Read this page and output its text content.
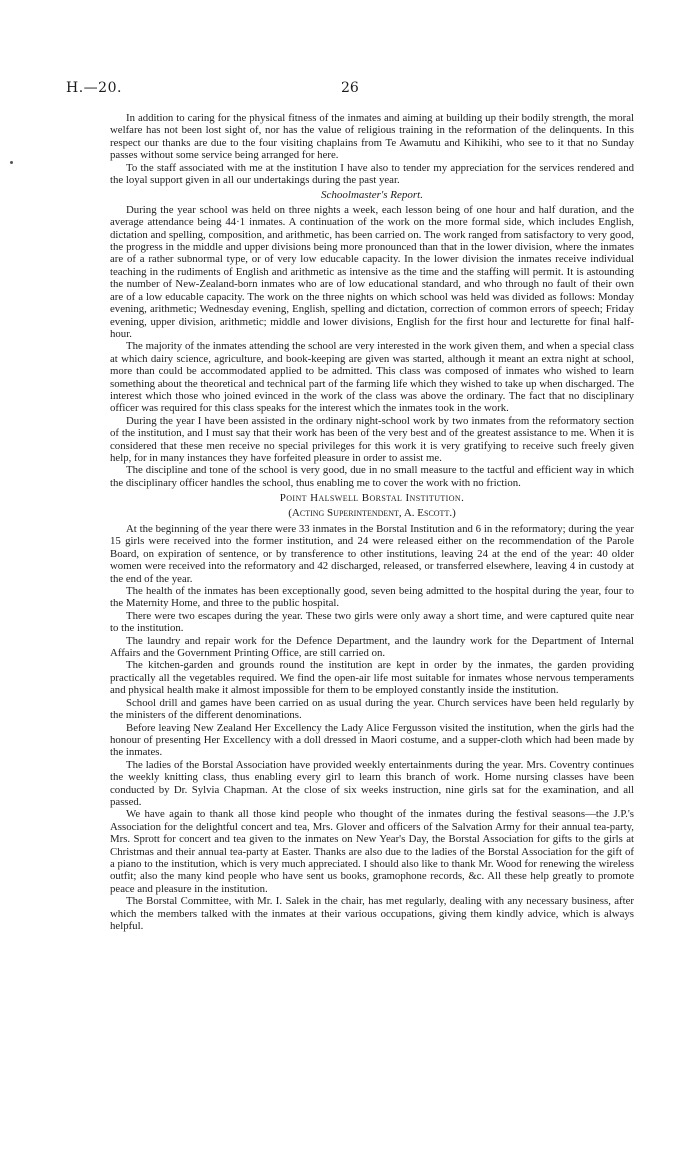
H.—20.	26

In addition to caring for the physical fitness of the inmates and aiming at building up their bodily strength, the moral welfare has not been lost sight of, nor has the value of religious training in the reformation of the delinquents. In this respect our thanks are due to the four visiting chaplains from Te Awamutu and Kihikihi, who see to it that no Sunday passes without some service being arranged for here.

To the staff associated with me at the institution I have also to tender my appreciation for the services rendered and the loyal support given in all our undertakings during the past year.

Schoolmaster's Report.

During the year school was held on three nights a week, each lesson being of one hour and half duration, and the average attendance being 44·1 inmates. A continuation of the work on the more formal side, which includes English, dictation and spelling, composition, and arithmetic, has been carried on. The work ranged from satisfactory to very good, the progress in the middle and upper divisions being more pronounced than that in the lower division, where the inmates are of a rather subnormal type, or of very low educable capacity. In the lower division the inmates receive individual teaching in the rudiments of English and arithmetic as intensive as the time and the staffing will permit. It is astounding the number of New-Zealand-born inmates who are of low educational standard, and who through no fault of their own are of a low educable capacity. The work on the three nights on which school was held was divided as follows: Monday evening, arithmetic; Wednesday evening, English, spelling and dictation, correction of common errors of speech; Friday evening, upper division, arithmetic; middle and lower divisions, English for the first hour and lecturette for final half-hour.

The majority of the inmates attending the school are very interested in the work given them, and when a special class at which dairy science, agriculture, and book-keeping are given was started, although it meant an extra night at school, more than could be accommodated applied to be admitted. This class was composed of inmates who wished to learn something about the theoretical and technical part of the farming life which they wished to take up when discharged. The interest which those who joined evinced in the work of the class was above the ordinary. The fact that no disciplinary officer was required for this class speaks for the interest which the inmates took in the work.

During the year I have been assisted in the ordinary night-school work by two inmates from the reformatory section of the institution, and I must say that their work has been of the very best and of the greatest assistance to me. When it is considered that these men receive no special privileges for this work it is very gratifying to receive such freely given help, for in many instances they have forfeited pleasure in order to assist me.

The discipline and tone of the school is very good, due in no small measure to the tactful and efficient way in which the disciplinary officer handles the school, thus enabling me to cover the work with no friction.

Point Halswell Borstal Institution.
(Acting Superintendent, A. Escott.)

At the beginning of the year there were 33 inmates in the Borstal Institution and 6 in the reformatory; during the year 15 girls were received into the former institution, and 24 were released either on the recommendation of the Parole Board, on expiration of sentence, or by transference to other institutions, leaving 24 at the end of the year: 40 older women were received into the reformatory and 42 discharged, released, or transferred elsewhere, leaving 4 in custody at the end of the year.

The health of the inmates has been exceptionally good, seven being admitted to the hospital during the year, four to the Maternity Home, and three to the public hospital.

There were two escapes during the year. These two girls were only away a short time, and were captured quite near to the institution.

The laundry and repair work for the Defence Department, and the laundry work for the Department of Internal Affairs and the Government Printing Office, are still carried on.

The kitchen-garden and grounds round the institution are kept in order by the inmates, the garden providing practically all the vegetables required. We find the open-air life most suitable for inmates whose nervous temperaments and physical health make it almost impossible for them to be employed constantly inside the institution.

School drill and games have been carried on as usual during the year. Church services have been held regularly by the ministers of the different denominations.

Before leaving New Zealand Her Excellency the Lady Alice Fergusson visited the institution, when the girls had the honour of presenting Her Excellency with a doll dressed in Maori costume, and a supper-cloth which had been made by the inmates.

The ladies of the Borstal Association have provided weekly entertainments during the year. Mrs. Coventry continues the weekly knitting class, thus enabling every girl to learn this branch of work. Home nursing classes have been conducted by Dr. Sylvia Chapman. At the close of six weeks instruction, nine girls sat for the examination, and all passed.

We have again to thank all those kind people who thought of the inmates during the festival seasons—the J.P.'s Association for the delightful concert and tea, Mrs. Glover and officers of the Salvation Army for their annual tea-party, Mrs. Sprott for concert and tea given to the inmates on New Year's Day, the Borstal Association for gifts to the girls at Christmas and their annual tea-party at Easter. Thanks are also due to the ladies of the Borstal Association for the gift of a piano to the institution, which is very much appreciated. I should also like to thank Mr. Wood for renewing the wireless outfit; also the many kind people who have sent us books, gramophone records, &c. All these help greatly to promote peace and pleasure in the institution.

The Borstal Committee, with Mr. I. Salek in the chair, has met regularly, dealing with any necessary business, after which the members talked with the inmates at their various occupations, giving them kindly advice, which is always helpful.
